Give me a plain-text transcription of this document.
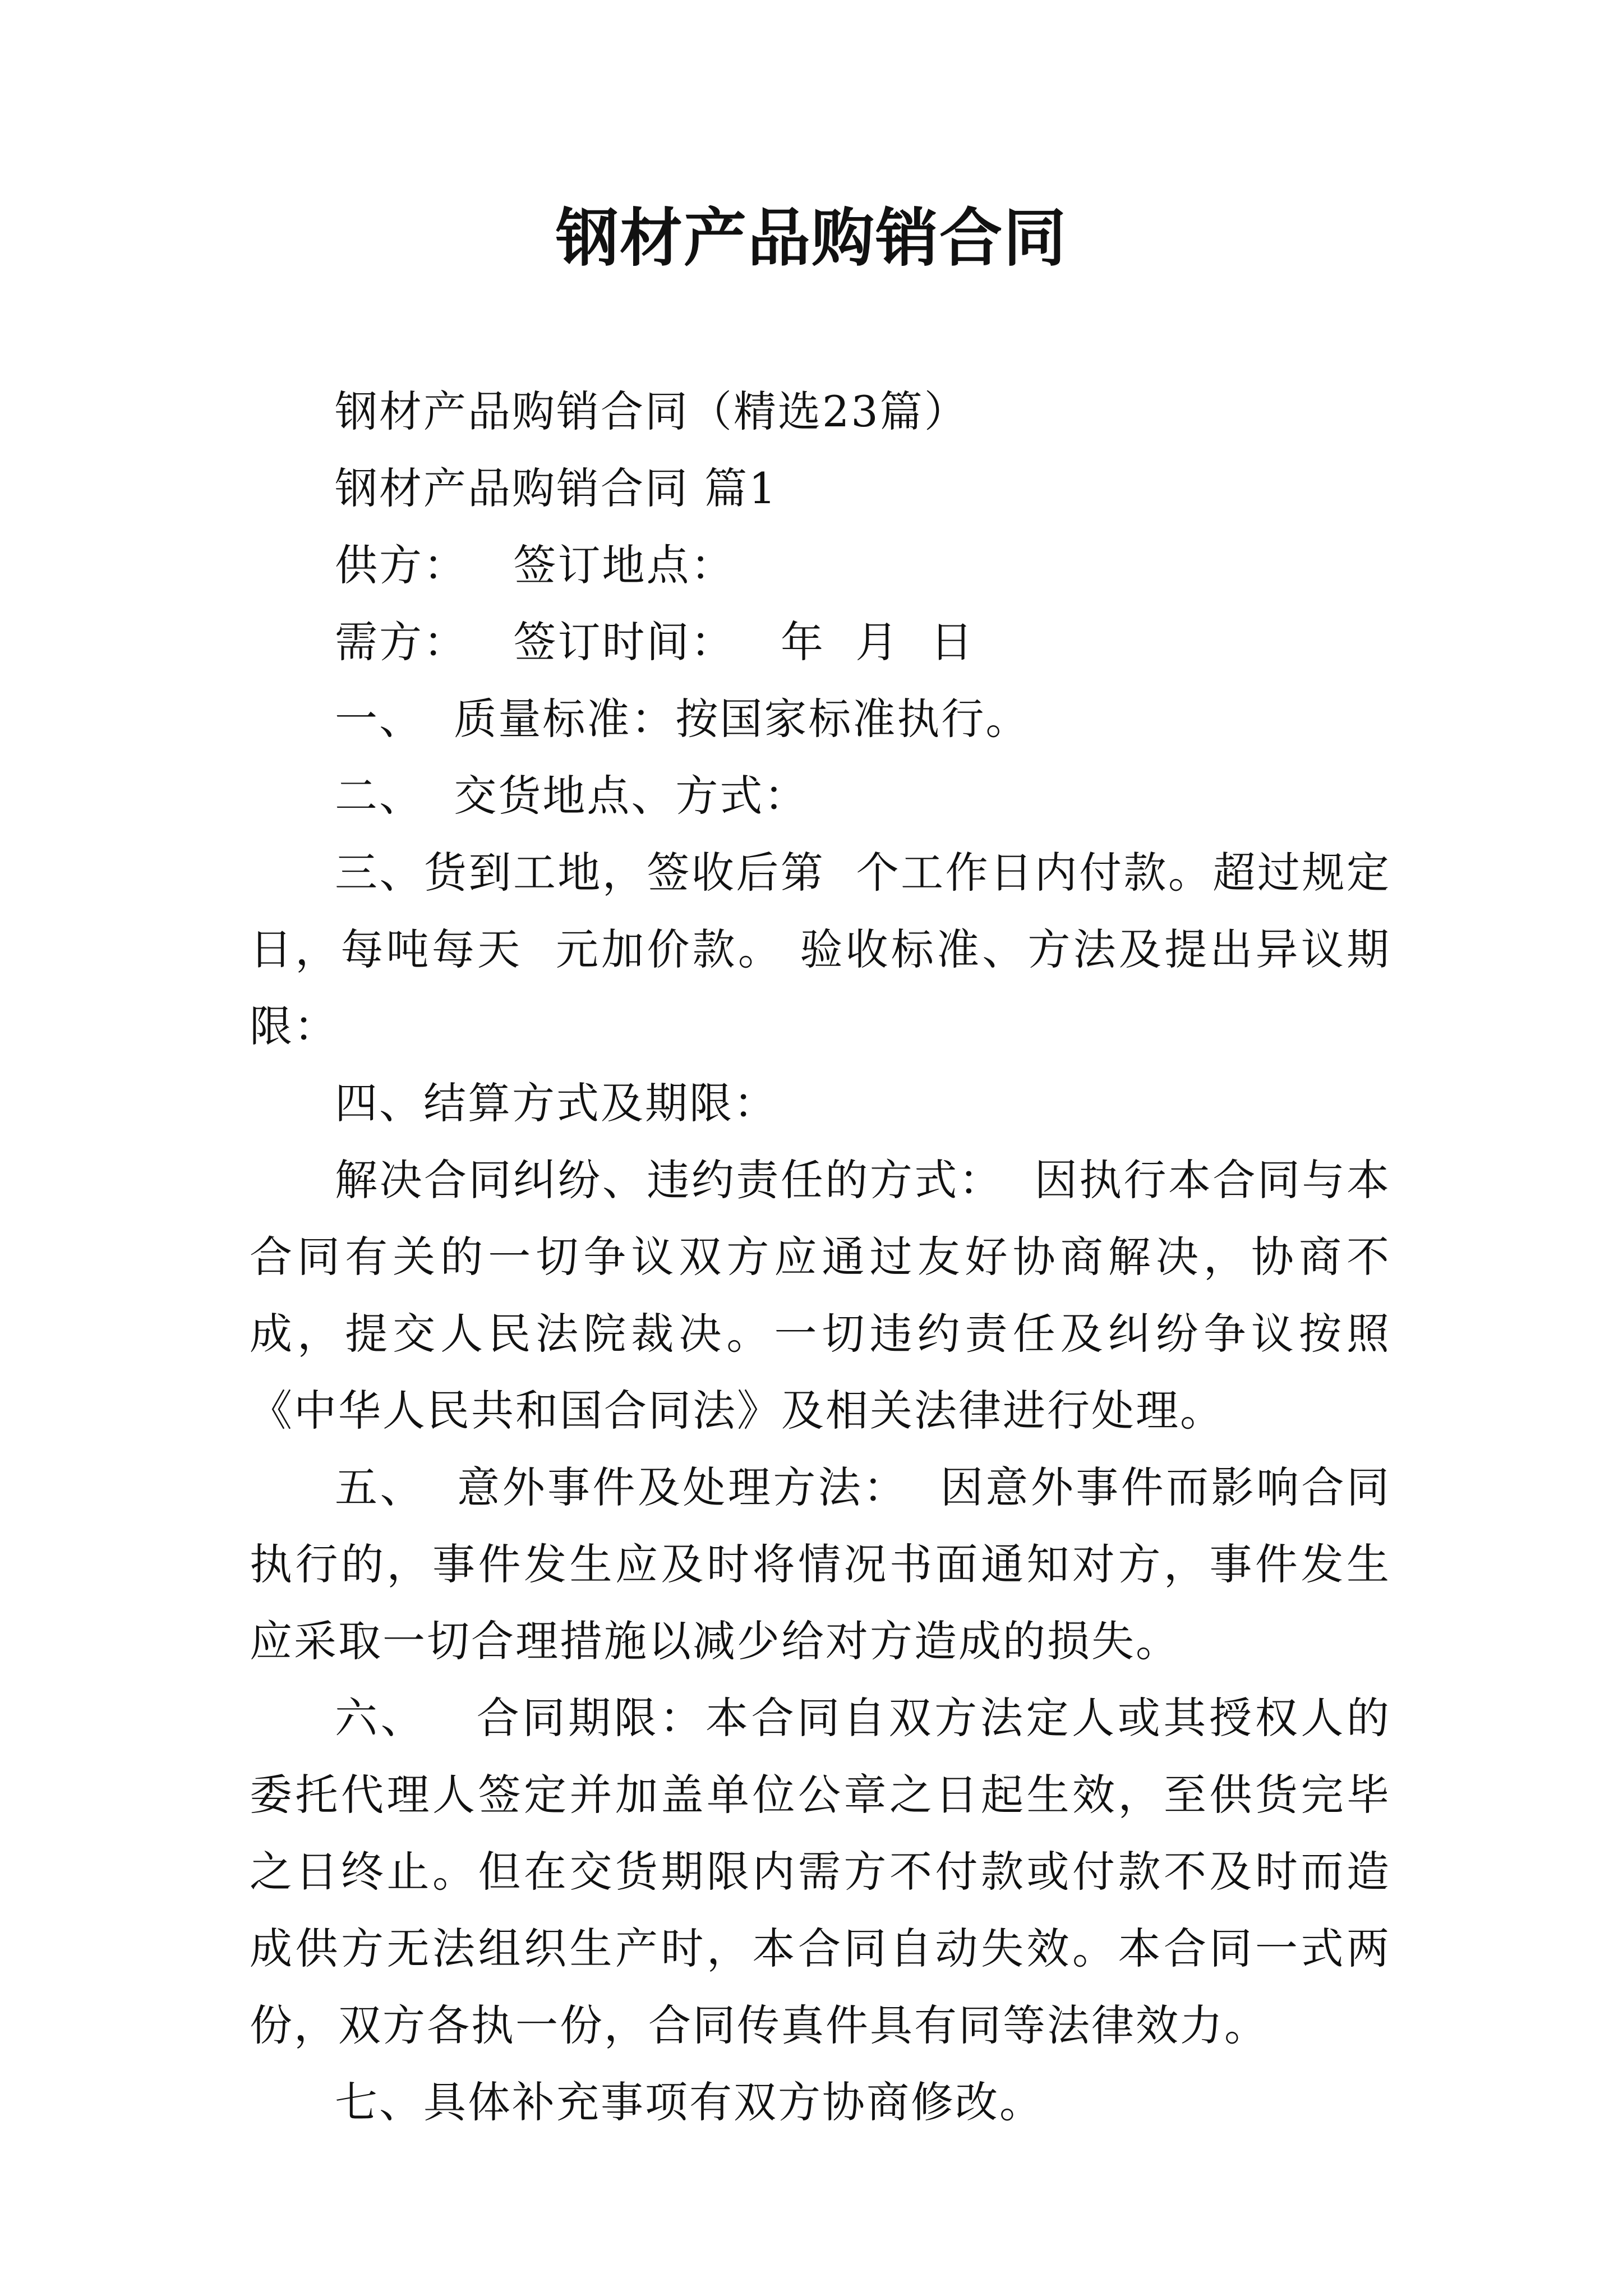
钢材产品购销合同

钢材产品购销合同（精选23篇）

钢材产品购销合同 篇1

供方：   签订地点：

需方：   签订时间：   年  月  日

一、  质量标准：按国家标准执行。

二、  交货地点、方式：

三、货到工地，签收后第  个工作日内付款。超过规定日，每吨每天  元加价款。 验收标准、方法及提出异议期限：

四、结算方式及期限：

解决合同纠纷、违约责任的方式：  因执行本合同与本合同有关的一切争议双方应通过友好协商解决，协商不成，提交人民法院裁决。一切违约责任及纠纷争议按照《中华人民共和国合同法》及相关法律进行处理。

五、  意外事件及处理方法：  因意外事件而影响合同执行的，事件发生应及时将情况书面通知对方，事件发生应采取一切合理措施以减少给对方造成的损失。

六、   合同期限：本合同自双方法定人或其授权人的委托代理人签定并加盖单位公章之日起生效，至供货完毕之日终止。但在交货期限内需方不付款或付款不及时而造成供方无法组织生产时，本合同自动失效。本合同一式两份，双方各执一份，合同传真件具有同等法律效力。

七、具体补充事项有双方协商修改。
